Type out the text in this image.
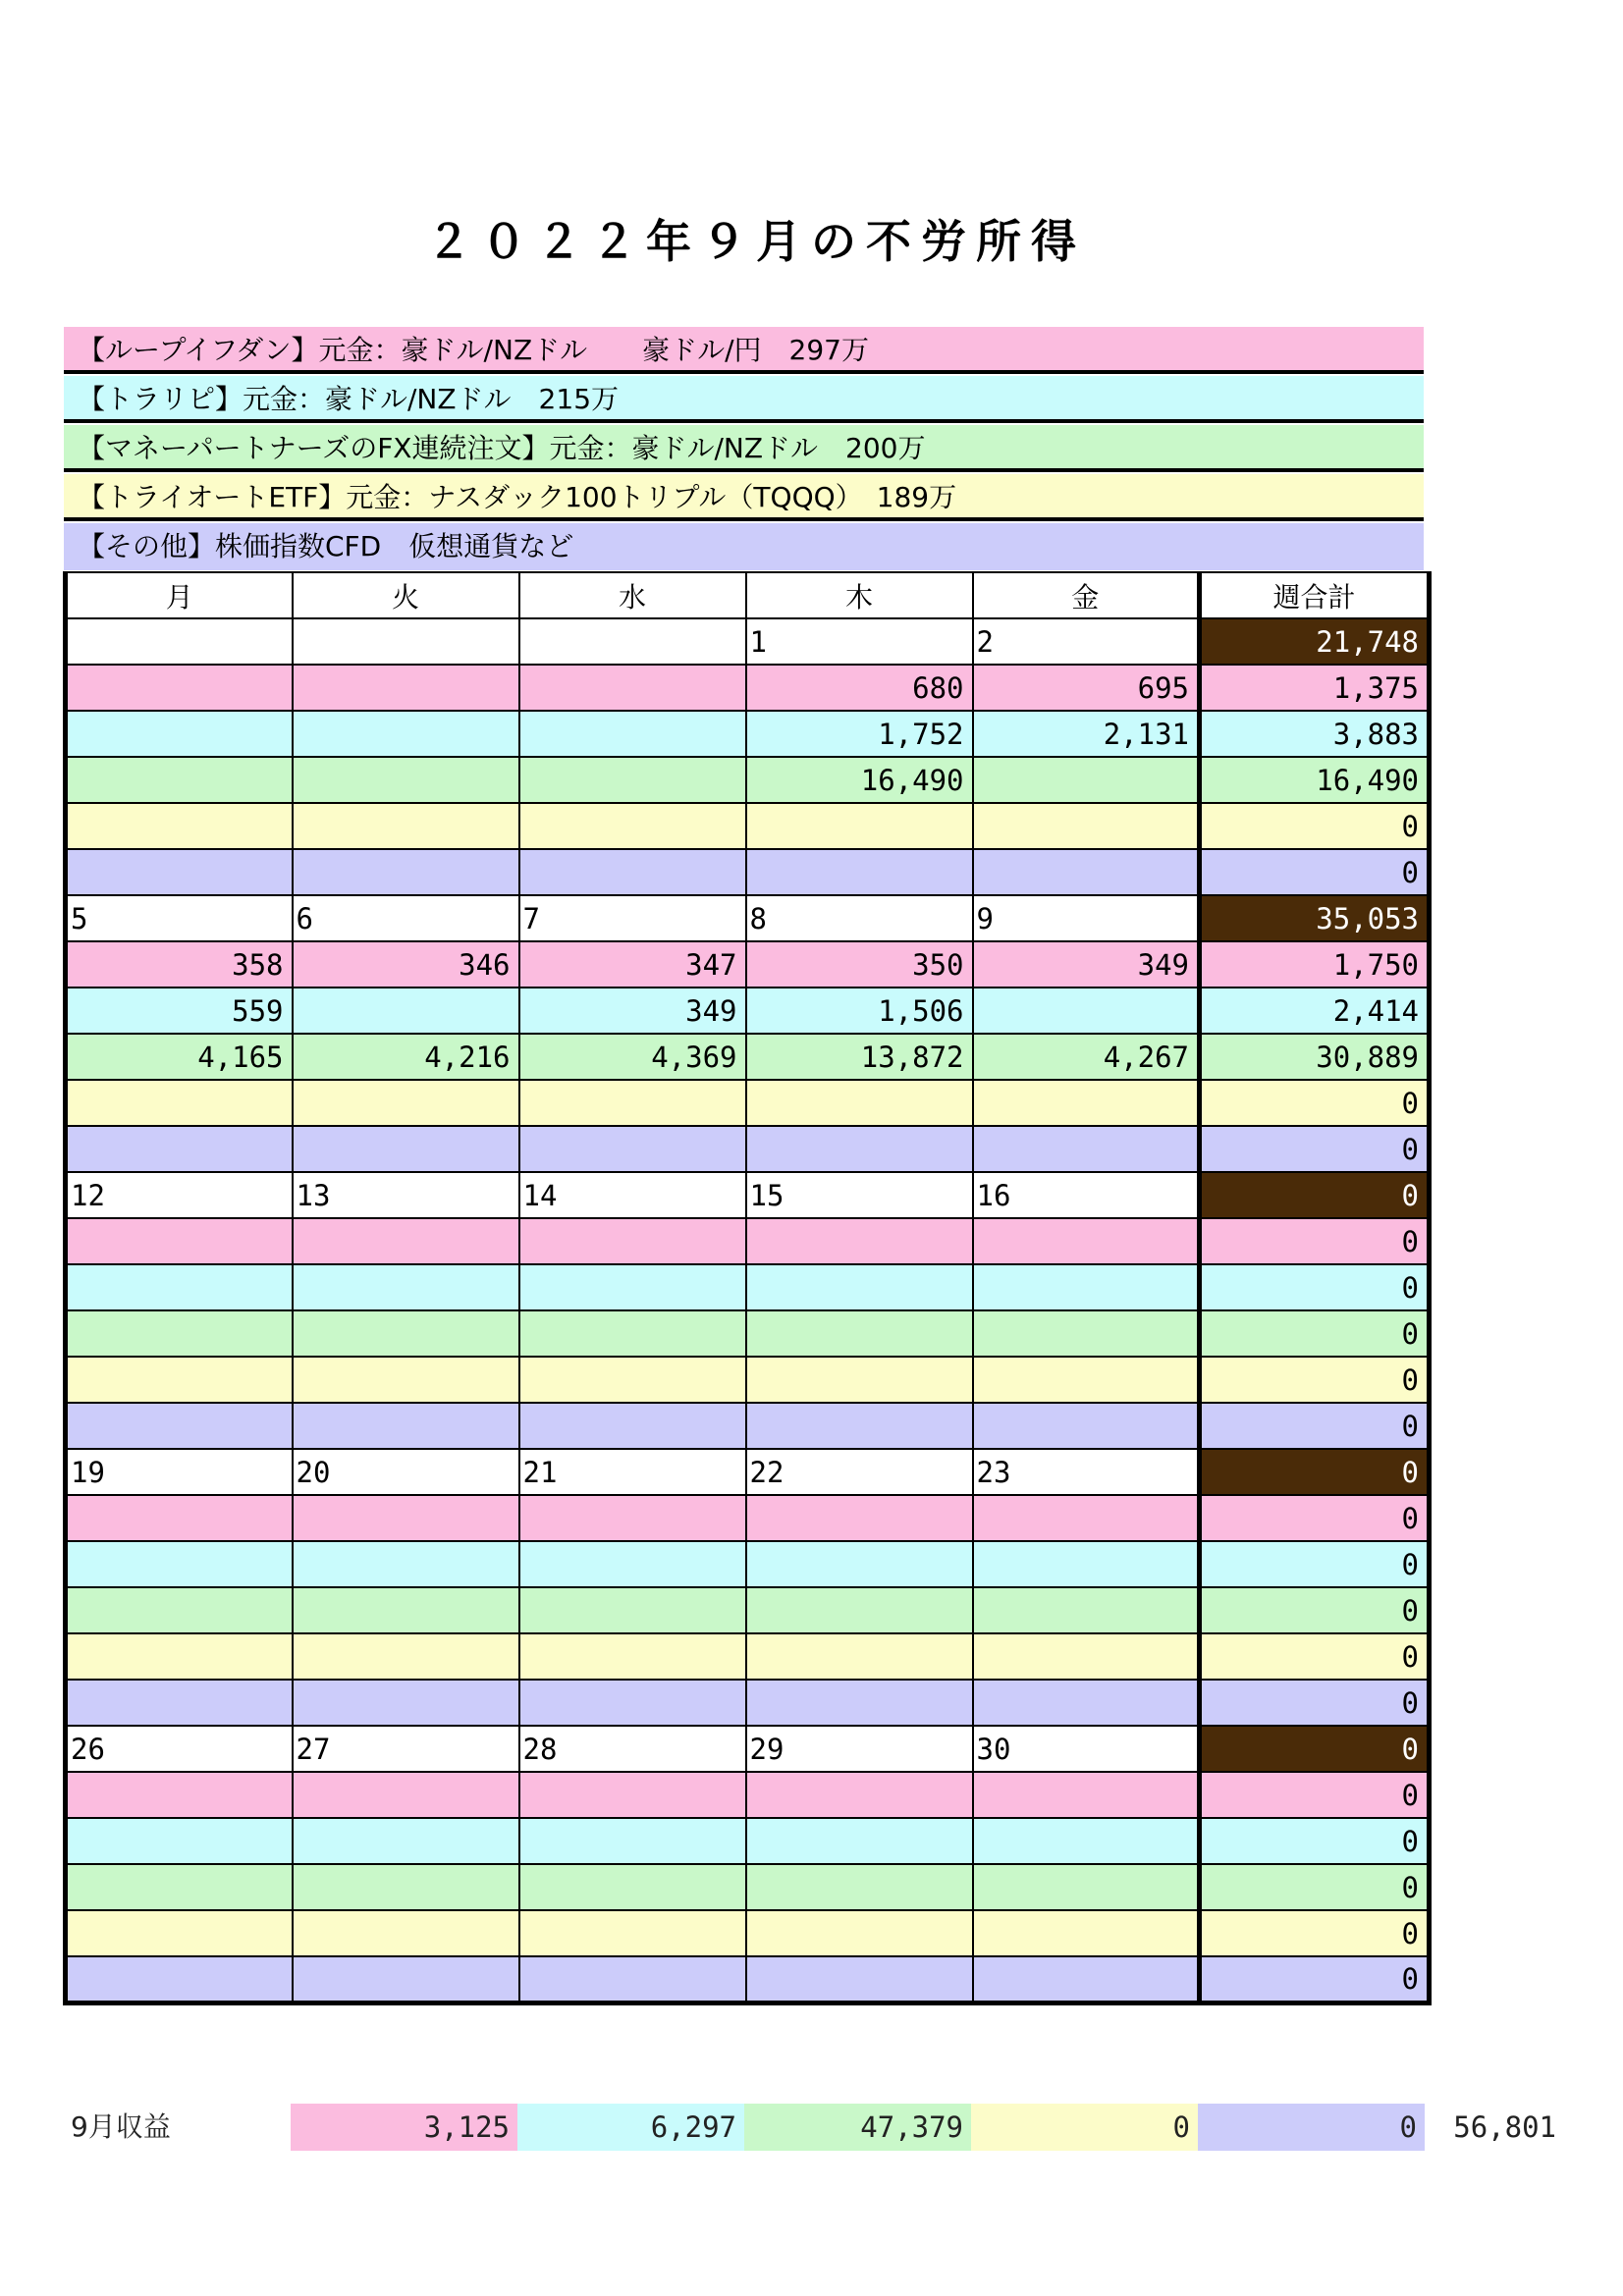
２０２２年９月の不労所得
【ループイフダン】元金：豪ドル/NZドル　　豪ドル/円　297万
【トラリピ】元金：豪ドル/NZドル　215万
【マネーパートナーズのFX連続注文】元金：豪ドル/NZドル　200万
【トライオートETF】元金：ナスダック100トリプル（TQQQ）　189万
【その他】株価指数CFD　仮想通貨など
月	火	水	木	金	週合計
			1	2	21,748
			680	695	1,375
			1,752	2,131	3,883
			16,490		16,490
					0
					0
5	6	7	8	9	35,053
358	346	347	350	349	1,750
559		349	1,506		2,414
4,165	4,216	4,369	13,872	4,267	30,889
					0
					0
12	13	14	15	16	0
					0
					0
					0
					0
					0
19	20	21	22	23	0
					0
					0
					0
					0
					0
26	27	28	29	30	0
					0
					0
					0
					0
					0
9月収益	3,125	6,297	47,379	0	0	56,801
